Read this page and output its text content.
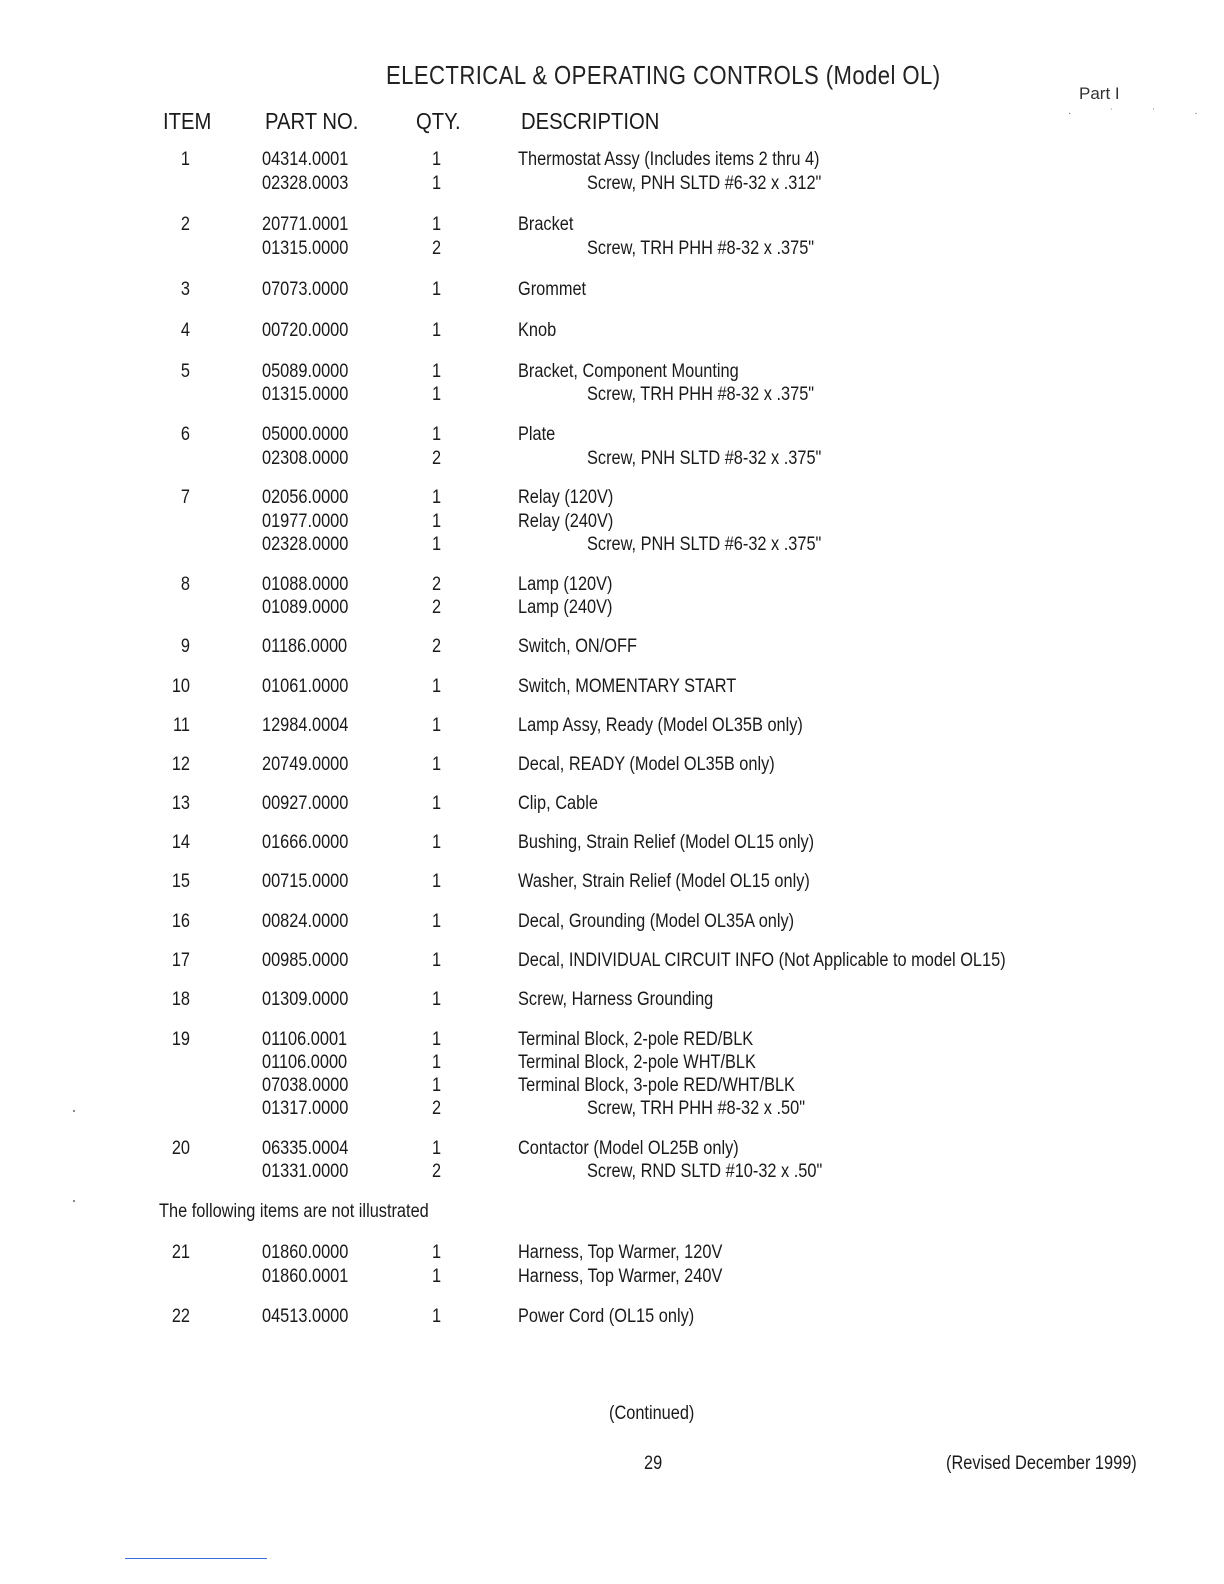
ELECTRICAL & OPERATING CONTROLS (Model OL)
Part I
· ˙ ˙ ·
ITEM PART NO.	QTY.	DESCRIPTION
1	04314.0001	1	Thermostat Assy (Includes items 2 thru 4)
02328.0003	1	Screw, PNH SLTD #6-32 x .312"
2	20771.0001	1	Bracket
01315.0000	2	Screw, TRH PHH #8-32 x .375"
3	07073.0000	1	Grommet
4	00720.0000	1	Knob
5	05089.0000	1	Bracket, Component Mounting
01315.0000	1	Screw, TRH PHH #8-32 x .375"
6	05000.0000	1	Plate
02308.0000	2	Screw, PNH SLTD #8-32 x .375"
7	02056.0000	1	Relay (120V)
01977.0000	1	Relay (240V)
02328.0000	1	Screw, PNH SLTD #6-32 x .375"
8	01088.0000	2	Lamp (120V)
01089.0000	2	Lamp (240V)
9	01186.0000	2	Switch, ON/OFF
10	01061.0000	1	Switch, MOMENTARY START
11	12984.0004	1	Lamp Assy, Ready (Model OL35B only)
12	20749.0000	1	Decal, READY (Model OL35B only)
13	00927.0000	1	Clip, Cable
14	01666.0000	1	Bushing, Strain Relief (Model OL15 only)
15	00715.0000	1	Washer, Strain Relief (Model OL15 only)
16	00824.0000	1	Decal, Grounding (Model OL35A only)
17	00985.0000	1	Decal, INDIVIDUAL CIRCUIT INFO (Not Applicable to model OL15)
18	01309.0000	1	Screw, Harness Grounding
19	01106.0001	1	Terminal Block, 2-pole RED/BLK
01106.0000	1	Terminal Block, 2-pole WHT/BLK
07038.0000	1	Terminal Block, 3-pole RED/WHT/BLK
01317.0000	2	Screw, TRH PHH #8-32 x .50"
20	06335.0004	1	Contactor (Model OL25B only)
01331.0000	2	Screw, RND SLTD #10-32 x .50"
21	01860.0000	1	Harness, Top Warmer, 120V
01860.0001	1	Harness, Top Warmer, 240V
22	04513.0000	1	Power Cord (OL15 only)
The following items are not illustrated
(Continued)
29	(Revised December 1999)
